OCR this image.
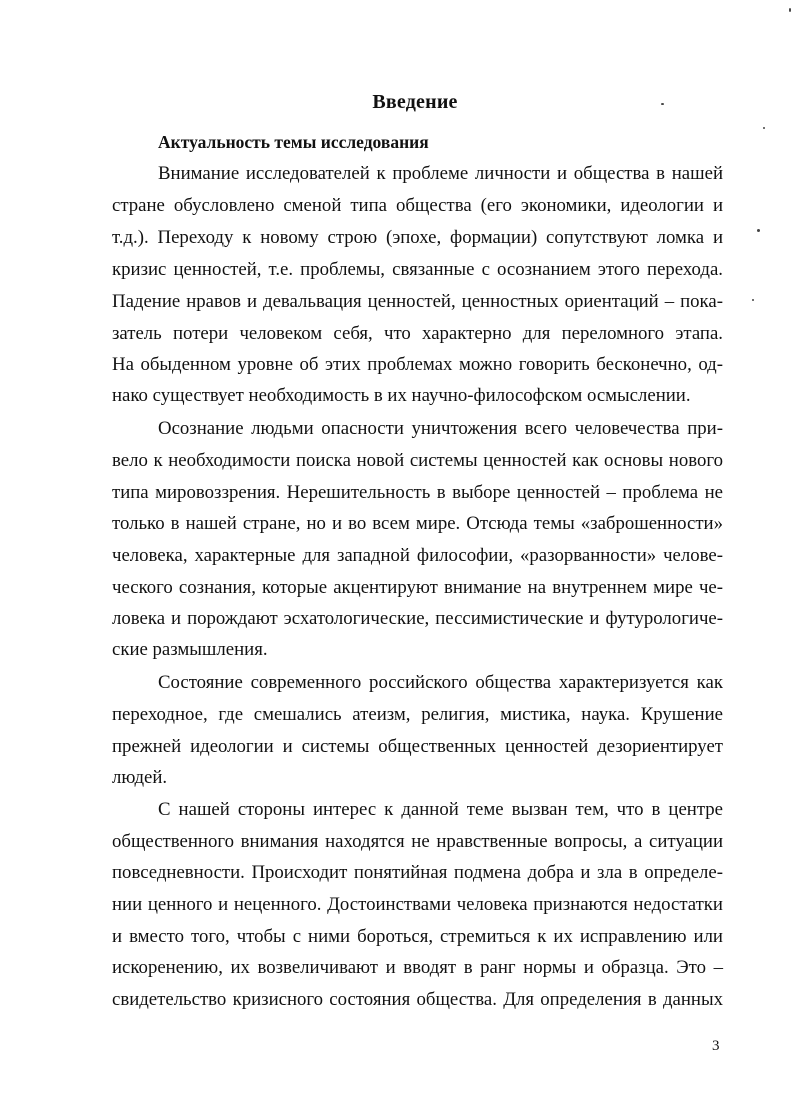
Введение
Актуальность темы исследования
Внимание исследователей к проблеме личности и общества в нашей
стране обусловлено сменой типа общества (его экономики, идеологии и
т.д.). Переходу к новому строю (эпохе, формации) сопутствуют ломка и
кризис ценностей, т.е. проблемы, связанные с осознанием этого перехода.
Падение нравов и девальвация ценностей, ценностных ориентаций – пока-
затель потери человеком себя, что характерно для переломного этапа.
На обыденном уровне об этих проблемах можно говорить бесконечно, од-
нако существует необходимость в их научно-философском осмыслении.
Осознание людьми опасности уничтожения всего человечества при-
вело к необходимости поиска новой системы ценностей как основы нового
типа мировоззрения. Нерешительность в выборе ценностей – проблема не
только в нашей стране, но и во всем мире. Отсюда темы «заброшенности»
человека, характерные для западной философии, «разорванности» челове-
ческого сознания, которые акцентируют внимание на внутреннем мире че-
ловека и порождают эсхатологические, пессимистические и футурологиче-
ские размышления.
Состояние современного российского общества характеризуется как
переходное, где смешались атеизм, религия, мистика, наука. Крушение
прежней идеологии и системы общественных ценностей дезориентирует
людей.
С нашей стороны интерес к данной теме вызван тем, что в центре
общественного внимания находятся не нравственные вопросы, а ситуации
повседневности. Происходит понятийная подмена добра и зла в определе-
нии ценного и неценного. Достоинствами человека признаются недостатки
и вместо того, чтобы с ними бороться, стремиться к их исправлению или
искоренению, их возвеличивают и вводят в ранг нормы и образца. Это –
свидетельство кризисного состояния общества. Для определения в данных
3
